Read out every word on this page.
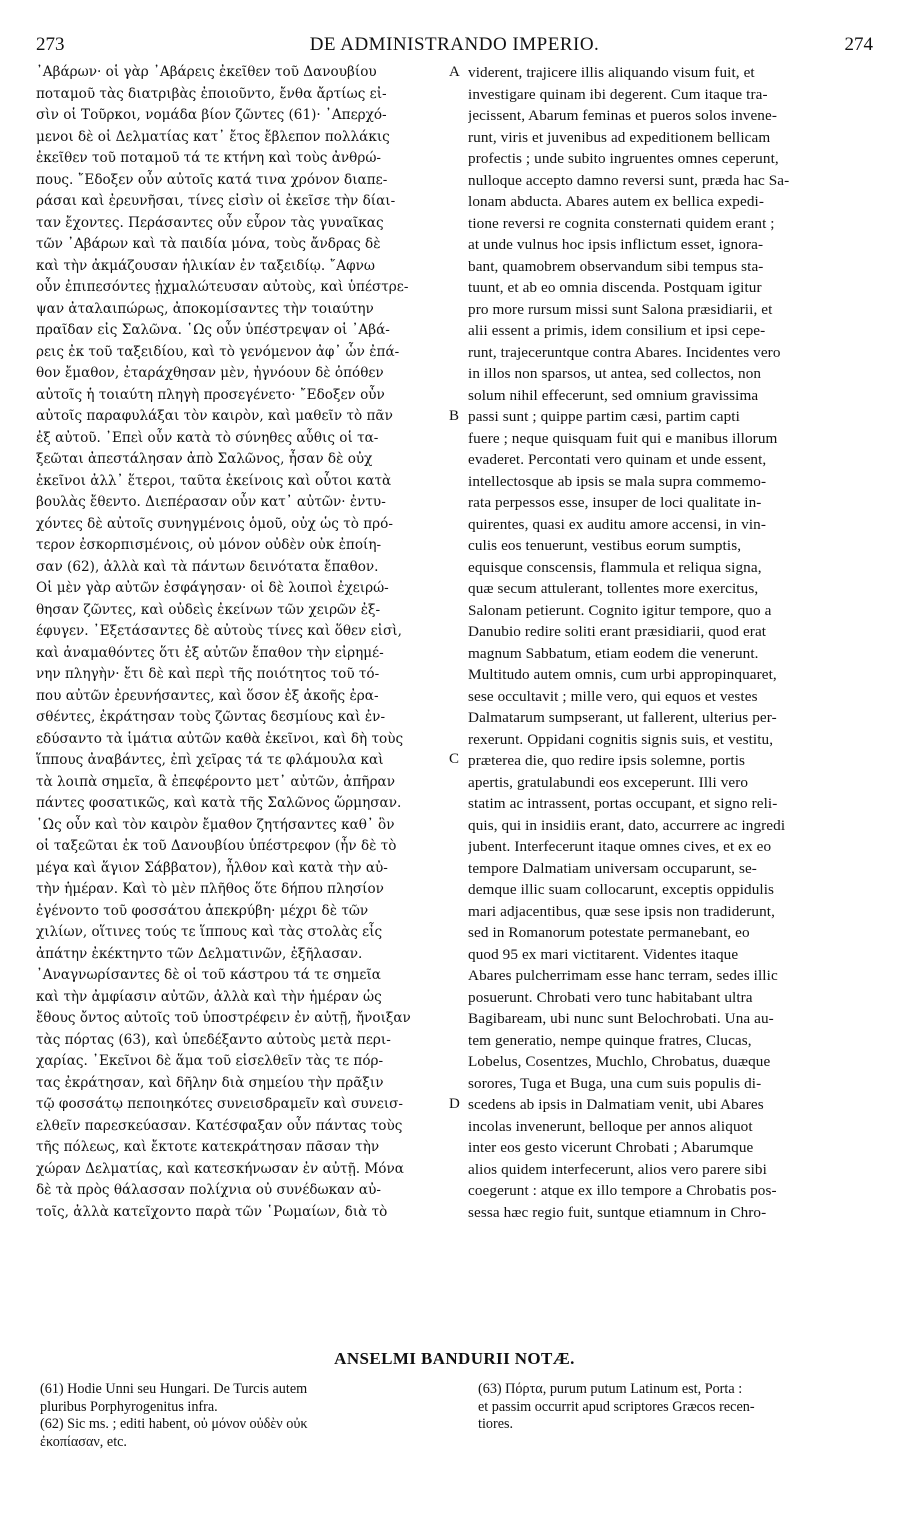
273	DE ADMINISTRANDO IMPERIO.	274
᾿Αβάρων· οἱ γὰρ ᾿Αβάρεις ἐκεῖθεν τοῦ Δανουβίου
ποταμοῦ τὰς διατριβὰς ἐποιοῦντο, ἔνθα ἄρτίως εἰ-
σὶν οἱ Τοῦρκοι, νομάδα βίον ζῶντες (61)· ᾿Απερχό-
μενοι δὲ οἱ Δελματίας κατ᾿ ἔτος ἔβλεπον πολλάκις
ἐκεῖθεν τοῦ ποταμοῦ τά τε κτήνη καὶ τοὺς ἀνθρώ-
πους. ῎Εδοξεν οὖν αὐτοῖς κατά τινα χρόνον διαπε-
ράσαι καὶ ἐρευνῆσαι, τίνες εἰσὶν οἱ ἐκεῖσε τὴν δίαι-
ταν ἔχοντες. Περάσαντες οὖν εὗρον τὰς γυναῖκας
τῶν ᾿Αβάρων καὶ τὰ παιδία μόνα, τοὺς ἄνδρας δὲ
καὶ τὴν ἀκμάζουσαν ἡλικίαν ἐν ταξειδίῳ. ῎Αφνω
οὖν ἐπιπεσόντες ᾐχμαλώτευσαν αὐτοὺς, καὶ ὑπέστρε-
ψαν ἀταλαιπώρως, ἀποκομίσαντες τὴν τοιαύτην
πραῖδαν εἰς Σαλῶνα. ῾Ως οὖν ὑπέστρεψαν οἱ ᾿Αβά-
ρεις ἐκ τοῦ ταξειδίου, καὶ τὸ γενόμενον ἀφ᾿ ὧν ἐπά-
θον ἔμαθον, ἐταράχθησαν μὲν, ἠγνόουν δὲ ὁπόθεν
αὐτοῖς ἡ τοιαύτη πληγὴ προσεγένετο· ῎Εδοξεν οὖν
αὐτοῖς παραφυλάξαι τὸν καιρὸν, καὶ μαθεῖν τὸ πᾶν
ἐξ αὐτοῦ. ᾿Επεὶ οὖν κατὰ τὸ σύνηθες αὖθις οἱ τα-
ξεῶται ἀπεστάλησαν ἀπὸ Σαλῶνος, ἦσαν δὲ οὐχ
ἐκεῖνοι ἀλλ᾿ ἕτεροι, ταῦτα ἐκείνοις καὶ οὗτοι κατὰ
βουλὰς ἔθεντο. Διεπέρασαν οὖν κατ᾿ αὐτῶν· ἐντυ-
χόντες δὲ αὐτοῖς συνηγμένοις ὁμοῦ, οὐχ ὡς τὸ πρό-
τερον ἐσκορπισμένοις, οὐ μόνον οὐδὲν οὐκ ἐποίη-
σαν (62), ἀλλὰ καὶ τὰ πάντων δεινότατα ἔπαθον.
Οἱ μὲν γὰρ αὐτῶν ἐσφάγησαν· οἱ δὲ λοιποὶ ἐχειρώ-
θησαν ζῶντες, καὶ οὐδεὶς ἐκείνων τῶν χειρῶν ἐξ-
έφυγεν. ᾿Εξετάσαντες δὲ αὐτοὺς τίνες καὶ ὅθεν εἰσὶ,
καὶ ἀναμαθόντες ὅτι ἐξ αὐτῶν ἔπαθον τὴν εἰρημέ-
νην πληγὴν· ἔτι δὲ καὶ περὶ τῆς ποιότητος τοῦ τό-
που αὐτῶν ἐρευνήσαντες, καὶ ὅσον ἐξ ἀκοῆς ἐρα-
σθέντες, ἐκράτησαν τοὺς ζῶντας δεσμίους καὶ ἐν-
εδύσαντο τὰ ἱμάτια αὐτῶν καθὰ ἐκεῖνοι, καὶ δὴ τοὺς
ἵππους ἀναβάντες, ἐπὶ χεῖρας τά τε φλάμουλα καὶ
τὰ λοιπὰ σημεῖα, ἃ ἐπεφέροντο μετ᾿ αὐτῶν, ἀπῆραν
πάντες φοσατικῶς, καὶ κατὰ τῆς Σαλῶνος ὥρμησαν.
῾Ως οὖν καὶ τὸν καιρὸν ἔμαθον ζητήσαντες καθ᾿ ὃν
οἱ ταξεῶται ἐκ τοῦ Δανουβίου ὑπέστρεφον (ἦν δὲ τὸ
μέγα καὶ ἅγιον Σάββατον), ἦλθον καὶ κατὰ τὴν αὐ-
τὴν ἡμέραν. Καὶ τὸ μὲν πλῆθος ὅτε δήπου πλησίον
ἐγένοντο τοῦ φοσσάτου ἀπεκρύβη· μέχρι δὲ τῶν
χιλίων, οἵτινες τούς τε ἵππους καὶ τὰς στολὰς εἶς
ἀπάτην ἐκέκτηντο τῶν Δελματινῶν, ἐξῆλασαν.
᾿Αναγνωρίσαντες δὲ οἱ τοῦ κάστρου τά τε σημεῖα
καὶ τὴν ἀμφίασιν αὐτῶν, ἀλλὰ καὶ τὴν ἡμέραν ὡς
ἔθους ὄντος αὐτοῖς τοῦ ὑποστρέφειν ἐν αὐτῇ, ἤνοιξαν
τὰς πόρτας (63), καὶ ὑπεδέξαντο αὐτοὺς μετὰ περι-
χαρίας. ᾿Εκεῖνοι δὲ ἅμα τοῦ εἰσελθεῖν τὰς τε πόρ-
τας ἐκράτησαν, καὶ δῆλην διὰ σημείου τὴν πρᾶξιν
τῷ φοσσάτῳ πεποιηκότες συνεισδραμεῖν καὶ συνεισ-
ελθεῖν παρεσκεύασαν. Κατέσφαξαν οὖν πάντας τοὺς
τῆς πόλεως, καὶ ἔκτοτε κατεκράτησαν πᾶσαν τὴν
χώραν Δελματίας, καὶ κατεσκήνωσαν ἐν αὐτῇ. Μόνα
δὲ τὰ πρὸς θάλασσαν πολίχνια οὐ συνέδωκαν αὐ-
τοῖς, ἀλλὰ κατεῖχοντο παρὰ τῶν ῾Ρωμαίων, διὰ τὸ
A
B
C
D
viderent, trajicere illis aliquando visum fuit, et
investigare quinam ibi degerent. Cum itaque tra-
jecissent, Abarum feminas et pueros solos invene-
runt, viris et juvenibus ad expeditionem bellicam
profectis ; unde subito ingruentes omnes ceperunt,
nulloque accepto damno reversi sunt, præda hac Sa-
lonam abducta. Abares autem ex bellica expedi-
tione reversi re cognita consternati quidem erant ;
at unde vulnus hoc ipsis inflictum esset, ignora-
bant, quamobrem observandum sibi tempus sta-
tuunt, et ab eo omnia discenda. Postquam igitur
pro more rursum missi sunt Salona præsidiarii, et
alii essent a primis, idem consilium et ipsi cepe-
runt, trajeceruntque contra Abares. Incidentes vero
in illos non sparsos, ut antea, sed collectos, non
solum nihil effecerunt, sed omnium gravissima
passi sunt ; quippe partim cæsi, partim capti
fuere ; neque quisquam fuit qui e manibus illorum
evaderet. Percontati vero quinam et unde essent,
intellectosque ab ipsis se mala supra commemo-
rata perpessos esse, insuper de loci qualitate in-
quirentes, quasi ex auditu amore accensi, in vin-
culis eos tenuerunt, vestibus eorum sumptis,
equisque conscensis, flammula et reliqua signa,
quæ secum attulerant, tollentes more exercitus,
Salonam petierunt. Cognito igitur tempore, quo a
Danubio redire soliti erant præsidiarii, quod erat
magnum Sabbatum, etiam eodem die venerunt.
Multitudo autem omnis, cum urbi appropinquaret,
sese occultavit ; mille vero, qui equos et vestes
Dalmatarum sumpserant, ut fallerent, ulterius per-
rexerunt. Oppidani cognitis signis suis, et vestitu,
præterea die, quo redire ipsis solemne, portis
apertis, gratulabundi eos exceperunt. Illi vero
statim ac intrassent, portas occupant, et signo reli-
quis, qui in insidiis erant, dato, accurrere ac ingredi
jubent. Interfecerunt itaque omnes cives, et ex eo
tempore Dalmatiam universam occuparunt, se-
demque illic suam collocarunt, exceptis oppidulis
mari adjacentibus, quæ sese ipsis non tradiderunt,
sed in Romanorum potestate permanebant, eo
quod 95 ex mari victitarent. Videntes itaque
Abares pulcherrimam esse hanc terram, sedes illic
posuerunt. Chrobati vero tunc habitabant ultra
Bagibaream, ubi nunc sunt Belochrobati. Una au-
tem generatio, nempe quinque fratres, Clucas,
Lobelus, Cosentzes, Muchlo, Chrobatus, duæque
sorores, Tuga et Buga, una cum suis populis di-
scedens ab ipsis in Dalmatiam venit, ubi Abares
incolas invenerunt, belloque per annos aliquot
inter eos gesto vicerunt Chrobati ; Abarumque
alios quidem interfecerunt, alios vero parere sibi
coegerunt : atque ex illo tempore a Chrobatis pos-
sessa hæc regio fuit, suntque etiamnum in Chro-
ANSELMI BANDURII NOTÆ.
(61) Hodie Unni seu Hungari. De Turcis autem
pluribus Porphyrogenitus infra.
(62) Sic ms. ; editi habent, οὐ μόνον οὐδὲν οὐκ
ἐκοπίασαν, etc.
(63) Πόρτα, purum putum Latinum est, Porta :
et passim occurrit apud scriptores Græcos recen-
tiores.
